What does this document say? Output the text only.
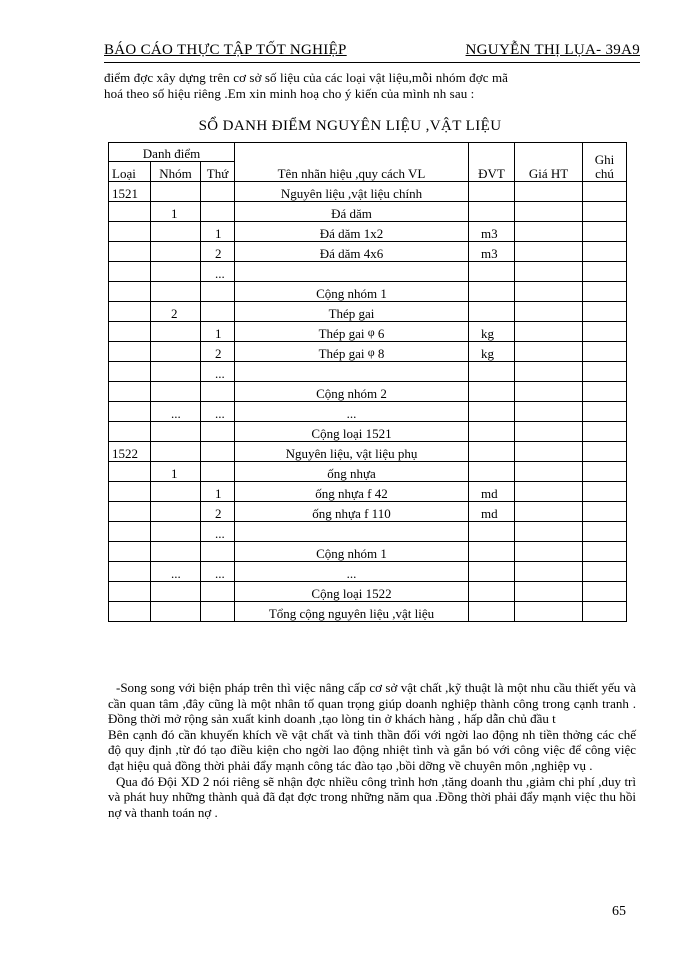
BÁO CÁO THỰC TẬP TỐT NGHIỆP	NGUYỄN THỊ LỤA- 39A9
điểm đợc xây dựng trên cơ sở số liệu của các loại vật liệu,mỗi nhóm đợc mã
hoá theo số hiệu riêng .Em xin minh hoạ cho ý kiến của mình nh sau :
SỔ DANH ĐIỂM NGUYÊN LIỆU ,VẬT LIỆU
Danh điểm			Tên nhãn hiệu ,quy cách VL	ĐVT	Giá HT	Ghi
chú

Loại	Nhóm	Thứ				
1521			Nguyên liệu ,vật liệu chính			
	1		Đá dăm			
		1	Đá dăm 1x2	m3		
		2	Đá dăm 4x6	m3		
		...				
			Cộng nhóm 1			
	2		Thép gai			
		1	Thép gai φ 6	kg		
		2	Thép gai φ 8	kg		
		...				
			Cộng nhóm 2			
	...	...	...			
			Cộng loại 1521			
1522			Nguyên liệu, vật liệu phụ			
	1		ống nhựa			
		1	ống nhựa f 42	md		
		2	ống nhựa f 110	md		
		...				
			Cộng nhóm 1			
	...	...	...			
			Cộng loại 1522			
			Tổng cộng nguyên liệu ,vật liệu			

-Song song với biện pháp trên thì việc nâng cấp cơ sở vật chất ,kỹ thuật là một nhu cầu thiết yếu và cần quan tâm ,đây cũng là một nhân tố quan trọng giúp doanh nghiệp thành công trong cạnh tranh . Đồng thời mở rộng sản xuất kinh doanh ,tạo lòng tin ở khách hàng , hấp dẫn chủ đầu t

Bên cạnh đó cần khuyến khích về vật chất và tinh thần đối với ngời lao động nh tiền thởng các chế độ quy định ,từ đó tạo điều kiện cho ngời lao động nhiệt tình và gắn bó với công việc để công việc đạt hiệu quả đồng thời phải đẩy mạnh công tác đào tạo ,bồi dỡng về chuyên môn ,nghiệp vụ .

Qua đó Đội XD 2 nói riêng sẽ nhận đợc nhiều công trình hơn ,tăng doanh thu ,giảm chi phí ,duy trì và phát huy những thành quả đã đạt đợc trong những năm qua .Đồng thời phải đẩy mạnh việc thu hồi nợ và thanh toán nợ .

65
